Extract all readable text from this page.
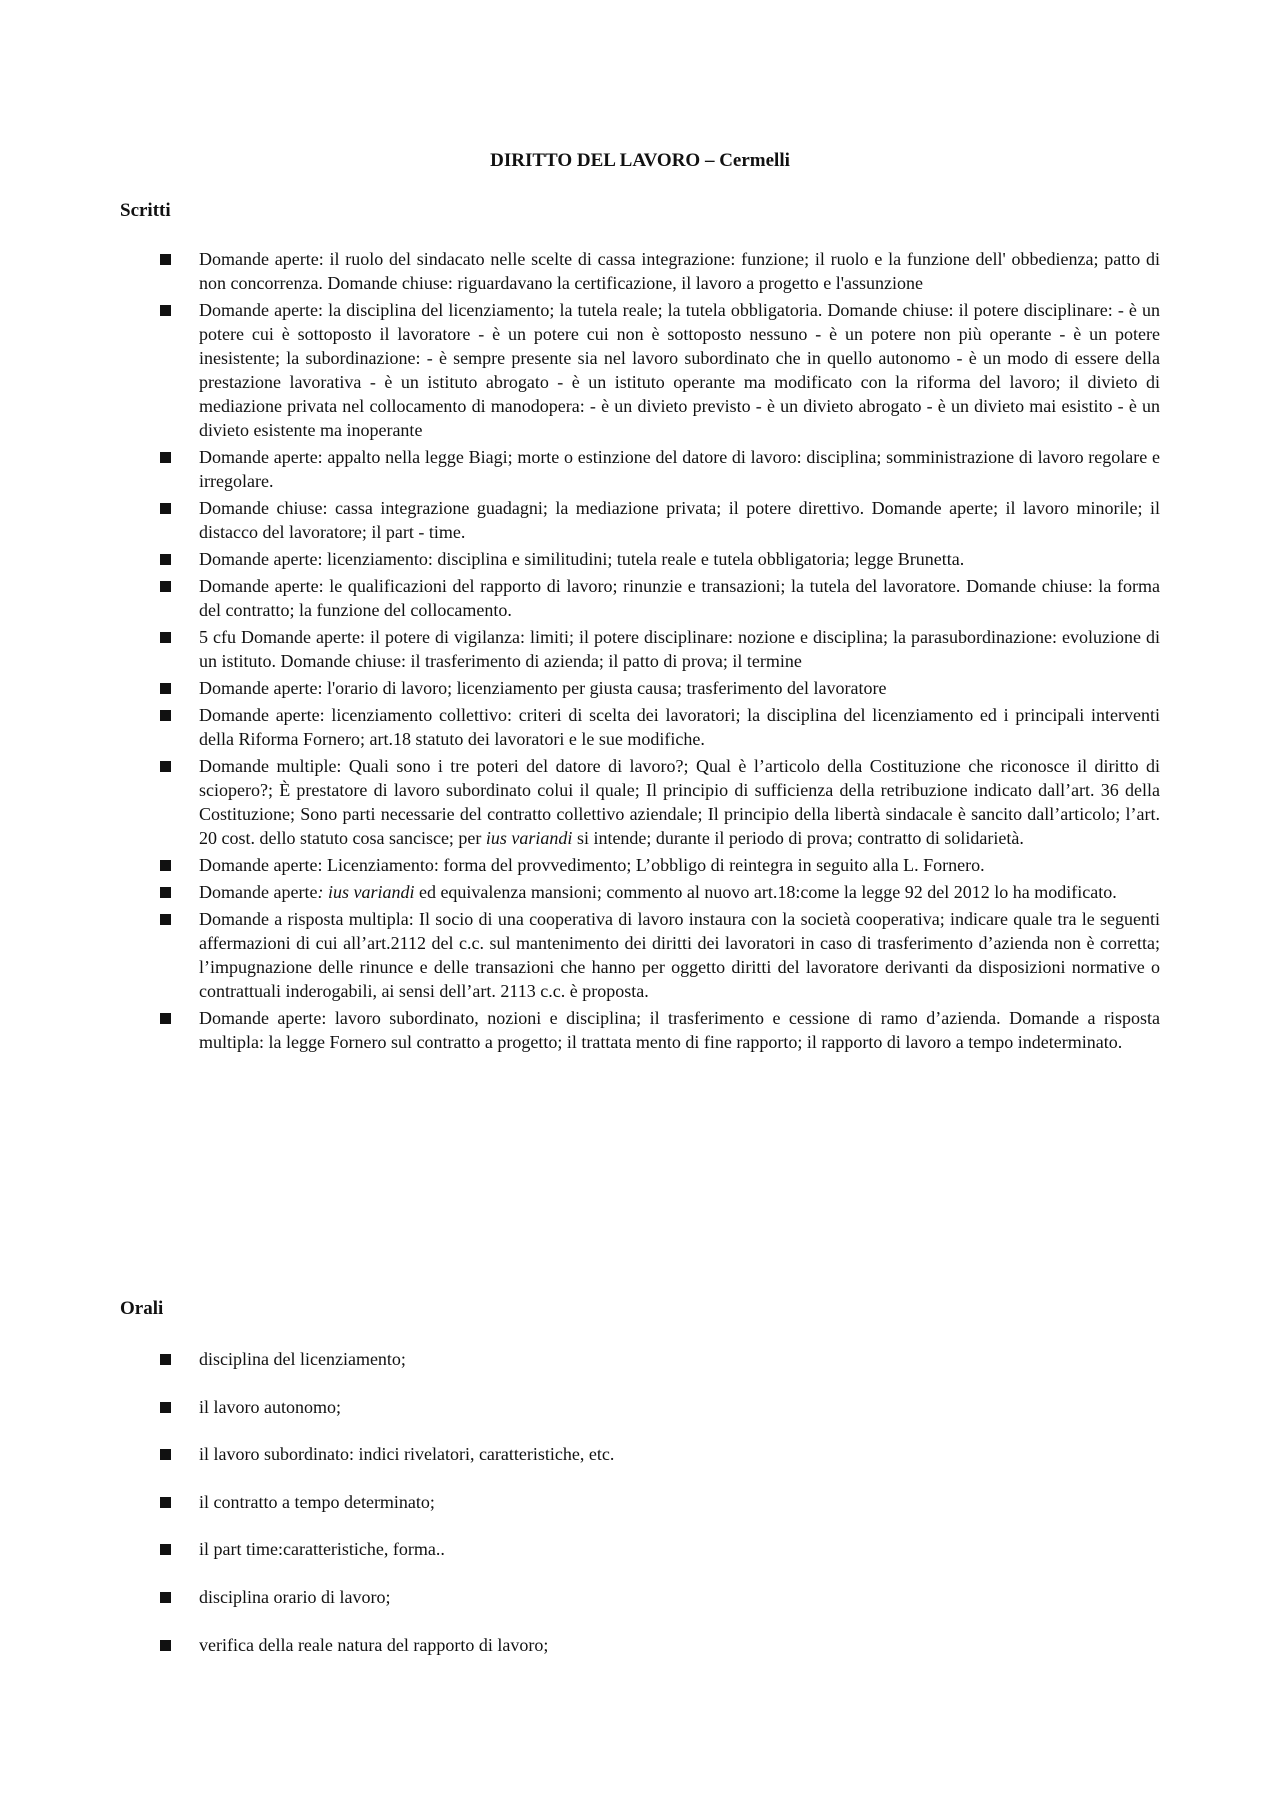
DIRITTO DEL LAVORO – Cermelli
Scritti
Domande aperte: il ruolo del sindacato nelle scelte di cassa integrazione: funzione; il ruolo e la funzione dell' obbedienza; patto di non concorrenza. Domande chiuse: riguardavano la certificazione, il lavoro a progetto e l'assunzione
Domande aperte: la disciplina del licenziamento; la tutela reale; la tutela obbligatoria. Domande chiuse: il potere disciplinare: - è un potere cui è sottoposto il lavoratore - è un potere cui non è sottoposto nessuno - è un potere non più operante - è un potere inesistente; la subordinazione: - è sempre presente sia nel lavoro subordinato che in quello autonomo - è un modo di essere della prestazione lavorativa - è un istituto abrogato - è un istituto operante ma modificato con la riforma del lavoro; il divieto di mediazione privata nel collocamento di manodopera: - è un divieto previsto - è un divieto abrogato - è un divieto mai esistito - è un divieto esistente ma inoperante
Domande aperte: appalto nella legge Biagi; morte o estinzione del datore di lavoro: disciplina; somministrazione di lavoro regolare e irregolare.
Domande chiuse: cassa integrazione guadagni; la mediazione privata; il potere direttivo. Domande aperte; il lavoro minorile; il distacco del lavoratore; il part - time.
Domande aperte: licenziamento: disciplina e similitudini; tutela reale e tutela obbligatoria; legge Brunetta.
Domande aperte: le qualificazioni del rapporto di lavoro; rinunzie e transazioni; la tutela del lavoratore. Domande chiuse: la forma del contratto; la funzione del collocamento.
5 cfu Domande aperte: il potere di vigilanza: limiti; il potere disciplinare: nozione e disciplina; la parasubordinazione: evoluzione di un istituto. Domande chiuse: il trasferimento di azienda; il patto di prova; il termine
Domande aperte: l'orario di lavoro; licenziamento per giusta causa; trasferimento del lavoratore
Domande aperte: licenziamento collettivo: criteri di scelta dei lavoratori; la disciplina del licenziamento ed i principali interventi della Riforma Fornero; art.18 statuto dei lavoratori e le sue modifiche.
Domande multiple: Quali sono i tre poteri del datore di lavoro?; Qual è l’articolo della Costituzione che riconosce il diritto di sciopero?; È prestatore di lavoro subordinato colui il quale; Il principio di sufficienza della retribuzione indicato dall’art. 36 della Costituzione; Sono parti necessarie del contratto collettivo aziendale; Il principio della libertà sindacale è sancito dall’articolo; l’art. 20 cost. dello statuto cosa sancisce; per ius variandi si intende; durante il periodo di prova; contratto di solidarietà.
Domande aperte: Licenziamento: forma del provvedimento; L’obbligo di reintegra in seguito alla L. Fornero.
Domande aperte: ius variandi ed equivalenza mansioni; commento al nuovo art.18:come la legge 92 del 2012 lo ha modificato.
Domande a risposta multipla: Il socio di una cooperativa di lavoro instaura con la società cooperativa; indicare quale tra le seguenti affermazioni di cui all’art.2112 del c.c. sul mantenimento dei diritti dei lavoratori in caso di trasferimento d’azienda non è corretta; l’impugnazione delle rinunce e delle transazioni che hanno per oggetto diritti del lavoratore derivanti da disposizioni normative o contrattuali inderogabili, ai sensi dell’art. 2113 c.c. è proposta.
Domande aperte: lavoro subordinato, nozioni e disciplina; il trasferimento e cessione di ramo d’azienda. Domande a risposta multipla: la legge Fornero sul contratto a progetto; il trattata mento di fine rapporto; il rapporto di lavoro a tempo indeterminato.
Orali
disciplina del licenziamento;
il lavoro autonomo;
il lavoro subordinato: indici rivelatori, caratteristiche, etc.
il contratto a tempo determinato;
il part time:caratteristiche, forma..
disciplina orario di lavoro;
verifica della reale natura del rapporto di lavoro;
